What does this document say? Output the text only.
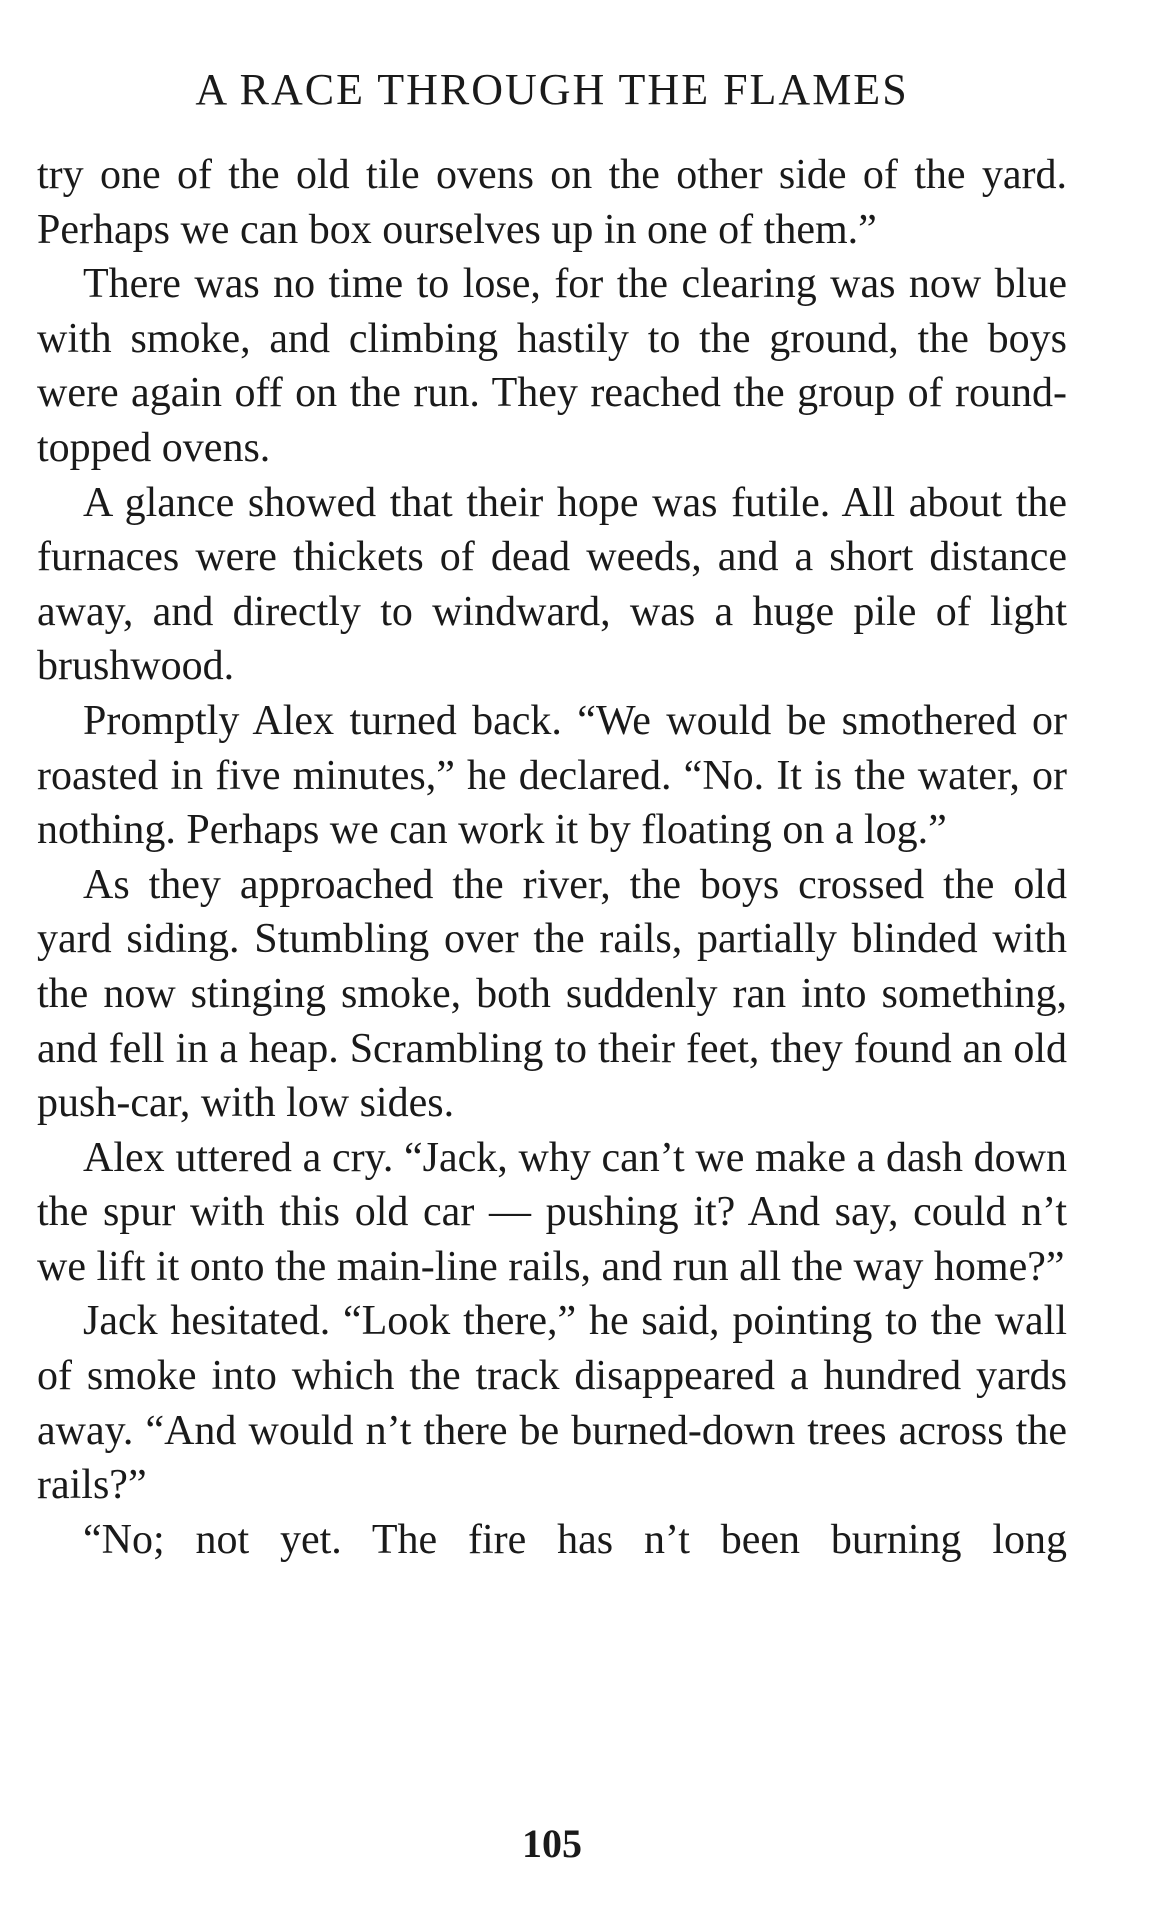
A RACE THROUGH THE FLAMES

try one of the old tile ovens on the other side of the yard. Perhaps we can box ourselves up in one of them.”

There was no time to lose, for the clearing was now blue with smoke, and climbing hastily to the ground, the boys were again off on the run. They reached the group of round-topped ovens.

A glance showed that their hope was futile. All about the furnaces were thickets of dead weeds, and a short distance away, and directly to windward, was a huge pile of light brushwood.

Promptly Alex turned back. “We would be smothered or roasted in five minutes,” he declared. “No. It is the water, or nothing. Perhaps we can work it by floating on a log.”

As they approached the river, the boys crossed the old yard siding. Stumbling over the rails, partially blinded with the now stinging smoke, both suddenly ran into something, and fell in a heap. Scrambling to their feet, they found an old push-car, with low sides.

Alex uttered a cry. “Jack, why can’t we make a dash down the spur with this old car — pushing it? And say, could n’t we lift it onto the main-line rails, and run all the way home?”

Jack hesitated. “Look there,” he said, pointing to the wall of smoke into which the track disappeared a hundred yards away. “And would n’t there be burned-down trees across the rails?”

“No; not yet. The fire has n’t been burning long

105
